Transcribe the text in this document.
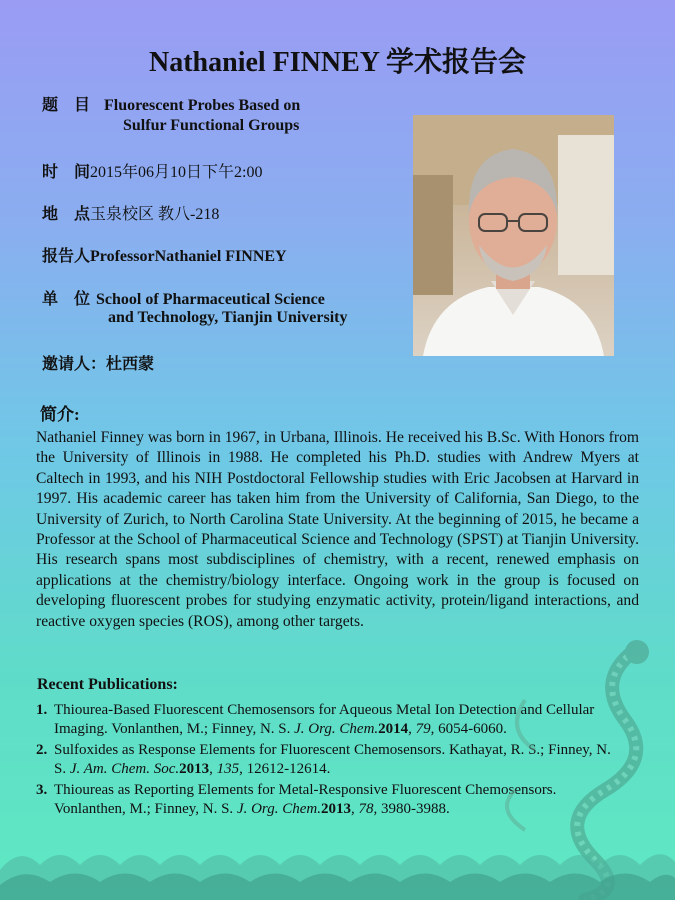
Nathaniel FINNEY 学术报告会
题　目 Fluorescent Probes Based on
Sulfur Functional Groups
时　间2015年06月10日下午2:00
地　点玉泉校区 教八-218
报告人ProfessorNathaniel FINNEY
单　位 School of Pharmaceutical Science
and Technology, Tianjin University
邀请人：杜西蒙
简介:

Nathaniel Finney was born in 1967, in Urbana, Illinois. He received his B.Sc. With Honors from the University of Illinois in 1988. He completed his Ph.D. studies with Andrew Myers at Caltech in 1993, and his NIH Postdoctoral Fellowship studies with Eric Jacobsen at Harvard in 1997. His academic career has taken him from the University of California, San Diego, to the University of Zurich, to North Carolina State University. At the beginning of 2015, he became a Professor at the School of Pharmaceutical Science and Technology (SPST) at Tianjin University. His research spans most subdisciplines of chemistry, with a recent, renewed emphasis on applications at the chemistry/biology interface. Ongoing work in the group is focused on developing fluorescent probes for studying enzymatic activity, protein/ligand interactions, and reactive oxygen species (ROS), among other targets.

Recent Publications:
1. Thiourea-Based Fluorescent Chemosensors for Aqueous Metal Ion Detection and Cellular Imaging. Vonlanthen, M.; Finney, N. S. J. Org. Chem.2014, 79, 6054-6060.
2. Sulfoxides as Response Elements for Fluorescent Chemosensors. Kathayat, R. S.; Finney, N. S. J. Am. Chem. Soc.2013, 135, 12612-12614.
3. Thioureas as Reporting Elements for Metal-Responsive Fluorescent Chemosensors. Vonlanthen, M.; Finney, N. S. J. Org. Chem.2013, 78, 3980-3988.
